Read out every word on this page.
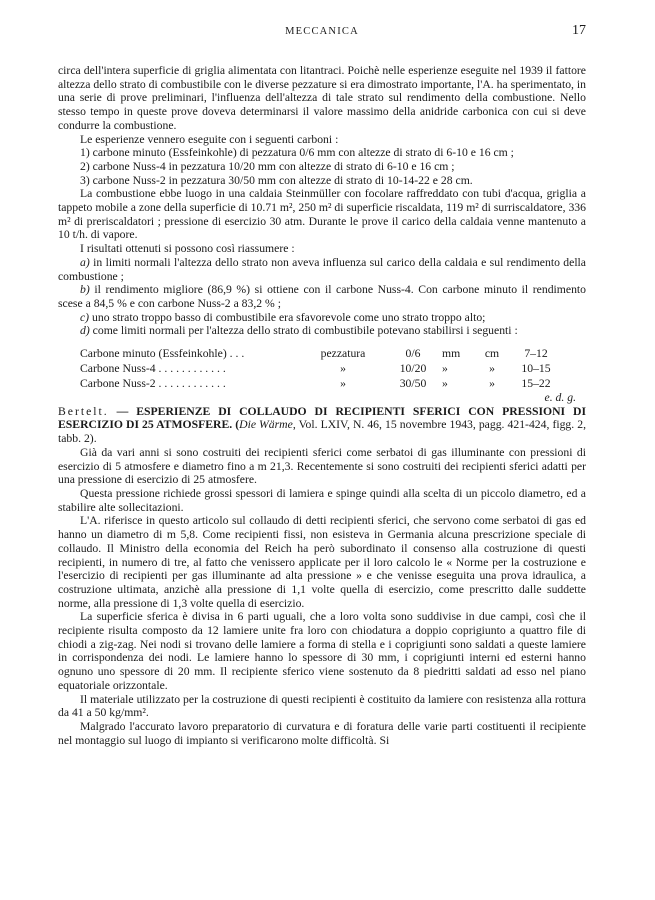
MECCANICA	17

circa dell'intera superficie di griglia alimentata con litantraci. Poichè nelle esperienze eseguite nel 1939 il fattore altezza dello strato di combustibile con le diverse pezzature si era dimostrato importante, l'A. ha sperimentato, in una serie di prove preliminari, l'influenza dell'altezza di tale strato sul rendimento della combustione. Nello stesso tempo in queste prove doveva determinarsi il valore massimo della anidride carbonica con cui si deve condurre la combustione.

Le esperienze vennero eseguite con i seguenti carboni :

1) carbone minuto (Essfeinkohle) di pezzatura 0/6 mm con altezze di strato di 6-10 e 16 cm ;

2) carbone Nuss-4 in pezzatura 10/20 mm con altezze di strato di 6-10 e 16 cm ;

3) carbone Nuss-2 in pezzatura 30/50 mm con altezze di strato di 10-14-22 e 28 cm.

La combustione ebbe luogo in una caldaia Steinmüller con focolare raffreddato con tubi d'acqua, griglia a tappeto mobile a zone della superficie di 10.71 m², 250 m² di superficie riscaldata, 119 m² di surriscaldatore, 336 m² di preriscaldatori ; pressione di esercizio 30 atm. Durante le prove il carico della caldaia venne mantenuto a 10 t/h. di vapore.

I risultati ottenuti si possono così riassumere :

a) in limiti normali l'altezza dello strato non aveva influenza sul carico della caldaia e sul rendimento della combustione ;

b) il rendimento migliore (86,9 %) si ottiene con il carbone Nuss-4. Con carbone minuto il rendimento scese a 84,5 % e con carbone Nuss-2 a 83,2 % ;

c) uno strato troppo basso di combustibile era sfavorevole come uno strato troppo alto;

d) come limiti normali per l'altezza dello strato di combustibile potevano stabilirsi i seguenti :

Carbone minuto (Essfeinkohle) . . .	pezzatura	0/6	mm	cm	7–12
Carbone Nuss-4 . . . . . . . . . . . .	»	10/20	»	»	10–15
Carbone Nuss-2 . . . . . . . . . . . .	»	30/50	»	»	15–22

e. d. g.

Bertelt. — ESPERIENZE DI COLLAUDO DI RECIPIENTI SFERICI CON PRESSIONI DI ESERCIZIO DI 25 ATMOSFERE. (Die Wärme, Vol. LXIV, N. 46, 15 novembre 1943, pagg. 421-424, figg. 2, tabb. 2).

Già da vari anni si sono costruiti dei recipienti sferici come serbatoi di gas illuminante con pressioni di esercizio di 5 atmosfere e diametro fino a m 21,3. Recentemente si sono costruiti dei recipienti sferici adatti per una pressione di esercizio di 25 atmosfere.

Questa pressione richiede grossi spessori di lamiera e spinge quindi alla scelta di un piccolo diametro, ed a stabilire alte sollecitazioni.

L'A. riferisce in questo articolo sul collaudo di detti recipienti sferici, che servono come serbatoi di gas ed hanno un diametro di m 5,8. Come recipienti fissi, non esisteva in Germania alcuna prescrizione speciale di collaudo. Il Ministro della economia del Reich ha però subordinato il consenso alla costruzione di questi recipienti, in numero di tre, al fatto che venissero applicate per il loro calcolo le « Norme per la costruzione e l'esercizio di recipienti per gas illuminante ad alta pressione » e che venisse eseguita una prova idraulica, a costruzione ultimata, anzichè alla pressione di 1,1 volte quella di esercizio, come prescritto dalle suddette norme, alla pressione di 1,3 volte quella di esercizio.

La superficie sferica è divisa in 6 parti uguali, che a loro volta sono suddivise in due campi, così che il recipiente risulta composto da 12 lamiere unite fra loro con chiodatura a doppio coprigiunto a quattro file di chiodi a zig-zag. Nei nodi si trovano delle lamiere a forma di stella e i coprigiunti sono saldati a queste lamiere in corrispondenza dei nodi. Le lamiere hanno lo spessore di 30 mm, i coprigiunti interni ed esterni hanno ognuno uno spessore di 20 mm. Il recipiente sferico viene sostenuto da 8 piedritti saldati ad esso nel piano equatoriale orizzontale.

Il materiale utilizzato per la costruzione di questi recipienti è costituito da lamiere con resistenza alla rottura da 41 a 50 kg/mm².

Malgrado l'accurato lavoro preparatorio di curvatura e di foratura delle varie parti costituenti il recipiente nel montaggio sul luogo di impianto si verificarono molte difficoltà. Si
